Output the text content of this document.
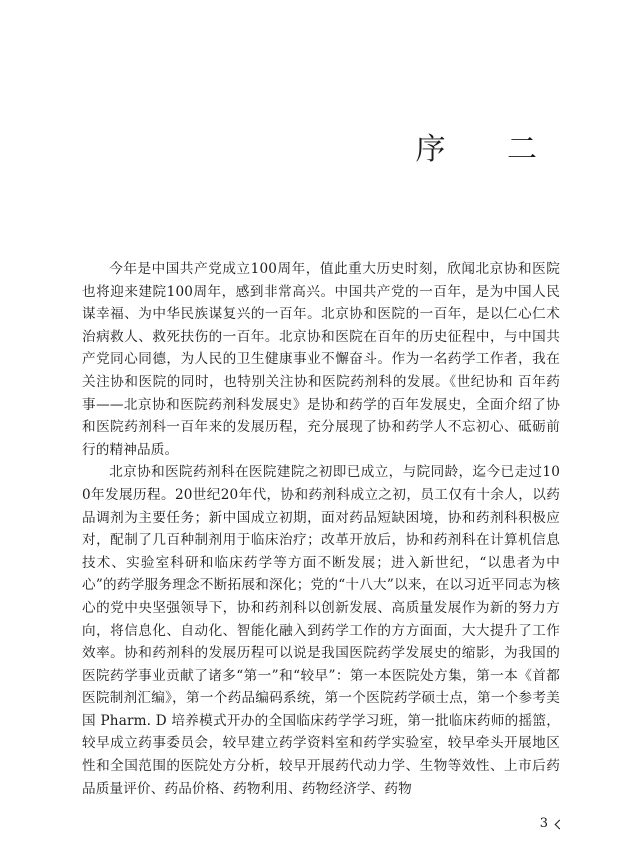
序 二

今年是中国共产党成立100周年，值此重大历史时刻，欣闻北京协和医院也将迎来建院100周年，感到非常高兴。中国共产党的一百年，是为中国人民谋幸福、为中华民族谋复兴的一百年。北京协和医院的一百年，是以仁心仁术治病救人、救死扶伤的一百年。北京协和医院在百年的历史征程中，与中国共产党同心同德，为人民的卫生健康事业不懈奋斗。作为一名药学工作者，我在关注协和医院的同时，也特别关注协和医院药剂科的发展。《世纪协和 百年药事——北京协和医院药剂科发展史》是协和药学的百年发展史，全面介绍了协和医院药剂科一百年来的发展历程，充分展现了协和药学人不忘初心、砥砺前行的精神品质。

北京协和医院药剂科在医院建院之初即已成立，与院同龄，迄今已走过100年发展历程。20世纪20年代，协和药剂科成立之初，员工仅有十余人，以药品调剂为主要任务；新中国成立初期，面对药品短缺困境，协和药剂科积极应对，配制了几百种制剂用于临床治疗；改革开放后，协和药剂科在计算机信息技术、实验室科研和临床药学等方面不断发展；进入新世纪，“以患者为中心”的药学服务理念不断拓展和深化；党的“十八大”以来，在以习近平同志为核心的党中央坚强领导下，协和药剂科以创新发展、高质量发展作为新的努力方向，将信息化、自动化、智能化融入到药学工作的方方面面，大大提升了工作效率。协和药剂科的发展历程可以说是我国医院药学发展史的缩影，为我国的医院药学事业贡献了诸多“第一”和“较早”：第一本医院处方集，第一本《首都医院制剂汇编》，第一个药品编码系统，第一个医院药学硕士点，第一个参考美国 Pharm. D 培养模式开办的全国临床药学学习班，第一批临床药师的摇篮，较早成立药事委员会，较早建立药学资料室和药学实验室，较早牵头开展地区性和全国范围的医院处方分析，较早开展药代动力学、生物等效性、上市后药品质量评价、药品价格、药物利用、药物经济学、药物

3
